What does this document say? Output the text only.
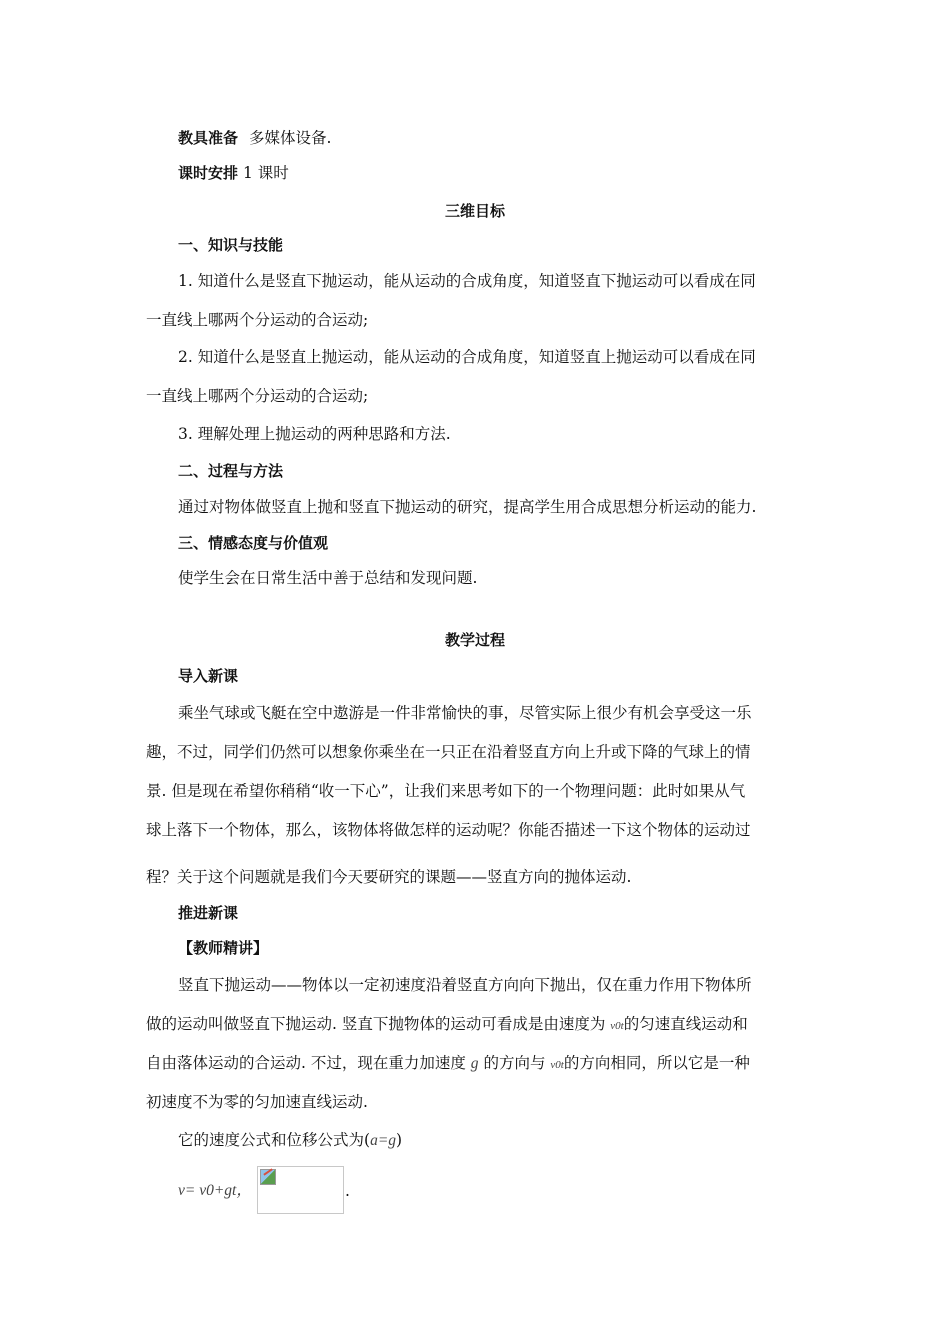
教具准备 多媒体设备.
课时安排 1 课时
三维目标
一、知识与技能
1. 知道什么是竖直下抛运动，能从运动的合成角度，知道竖直下抛运动可以看成在同
一直线上哪两个分运动的合运动;
2. 知道什么是竖直上抛运动，能从运动的合成角度，知道竖直上抛运动可以看成在同
一直线上哪两个分运动的合运动;
3. 理解处理上抛运动的两种思路和方法.
二、过程与方法
通过对物体做竖直上抛和竖直下抛运动的研究，提高学生用合成思想分析运动的能力.
三、情感态度与价值观
使学生会在日常生活中善于总结和发现问题.
教学过程
导入新课
乘坐气球或飞艇在空中遨游是一件非常愉快的事，尽管实际上很少有机会享受这一乐
趣，不过，同学们仍然可以想象你乘坐在一只正在沿着竖直方向上升或下降的气球上的情
景. 但是现在希望你稍稍“收一下心”，让我们来思考如下的一个物理问题：此时如果从气
球上落下一个物体，那么，该物体将做怎样的运动呢？你能否描述一下这个物体的运动过
程？关于这个问题就是我们今天要研究的课题——竖直方向的抛体运动.
推进新课
【教师精讲】
竖直下抛运动——物体以一定初速度沿着竖直方向向下抛出，仅在重力作用下物体所
做的运动叫做竖直下抛运动. 竖直下抛物体的运动可看成是由速度为 v0t的匀速直线运动和
自由落体运动的合运动. 不过，现在重力加速度 g 的方向与 v0t的方向相同，所以它是一种
初速度不为零的匀加速直线运动.
它的速度公式和位移公式为(a=g)
v= v0+gt，	.
